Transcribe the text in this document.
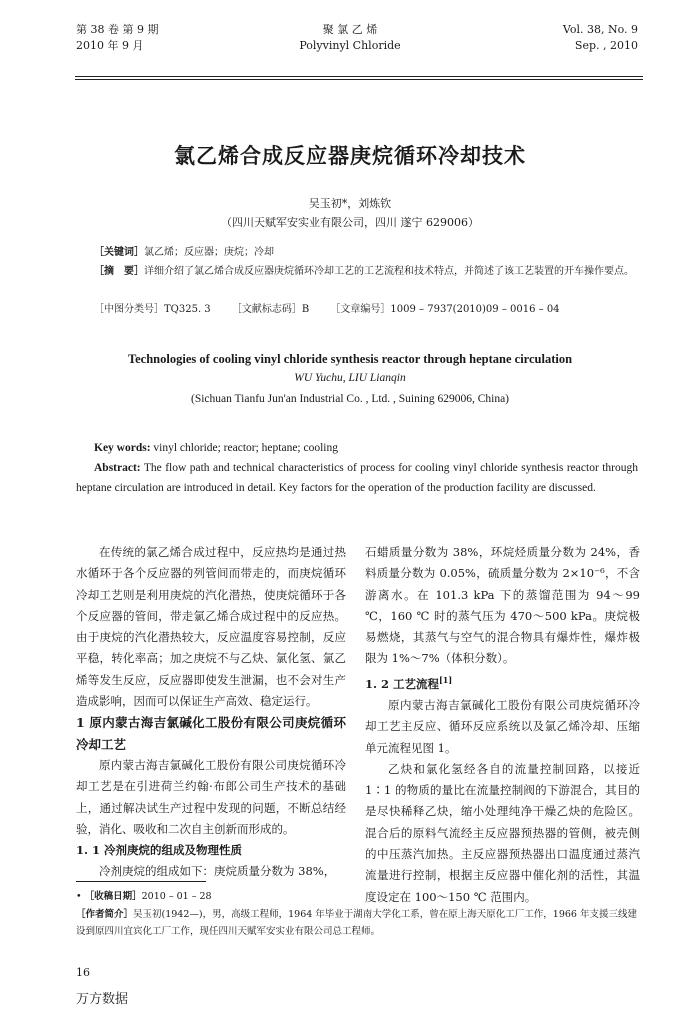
第 38 卷 第 9 期
2010 年 9 月
聚 氯 乙 烯
Polyvinyl Chloride
Vol. 38, No. 9
Sep. , 2010
氯乙烯合成反应器庚烷循环冷却技术
吴玉初*，刘炼钦
（四川天赋军安实业有限公司，四川 遂宁 629006）
［关键词］氯乙烯；反应器；庚烷；冷却
［摘　要］详细介绍了氯乙烯合成反应器庚烷循环冷却工艺的工艺流程和技术特点，并简述了该工艺装置的开车操作要点。
［中图分类号］TQ325. 3 ［文献标志码］B ［文章编号］1009 – 7937(2010)09 – 0016 – 04
Technologies of cooling vinyl chloride synthesis reactor through heptane circulation
WU Yuchu, LIU Lianqin
(Sichuan Tianfu Jun'an Industrial Co. , Ltd. , Suining 629006, China)
Key words: vinyl chloride; reactor; heptane; cooling
Abstract: The flow path and technical characteristics of process for cooling vinyl chloride synthesis reactor through heptane circulation are introduced in detail. Key factors for the operation of the production facility are discussed.

在传统的氯乙烯合成过程中，反应热均是通过热水循环于各个反应器的列管间而带走的，而庚烷循环冷却工艺则是利用庚烷的汽化潜热，使庚烷循环于各个反应器的管间，带走氯乙烯合成过程中的反应热。由于庚烷的汽化潜热较大，反应温度容易控制，反应平稳，转化率高；加之庚烷不与乙炔、氯化氢、氯乙烯等发生反应，反应器即使发生泄漏，也不会对生产造成影响，因而可以保证生产高效、稳定运行。

1 原内蒙古海吉氯碱化工股份有限公司庚烷循环冷却工艺

原内蒙古海吉氯碱化工股份有限公司庚烷循环冷却工艺是在引进荷兰约翰·布郎公司生产技术的基础上，通过解决试生产过程中发现的问题，不断总结经验，消化、吸收和二次自主创新而形成的。

1. 1 冷剂庚烷的组成及物理性质

冷剂庚烷的组成如下：庚烷质量分数为 38%，

石蜡质量分数为 38%，环烷烃质量分数为 24%，香料质量分数为 0.05%，硫质量分数为 2×10⁻⁶，不含游离水。在 101.3 kPa 下的蒸馏范围为 94～99 ℃，160 ℃ 时的蒸气压为 470～500 kPa。庚烷极易燃烧，其蒸气与空气的混合物具有爆炸性，爆炸极限为 1%～7%（体积分数）。

1. 2 工艺流程[1]

原内蒙古海吉氯碱化工股份有限公司庚烷循环冷却工艺主反应、循环反应系统以及氯乙烯冷却、压缩单元流程见图 1。

乙炔和氯化氢经各自的流量控制回路，以接近 1∶1 的物质的量比在流量控制阀的下游混合，其目的是尽快稀释乙炔，缩小处理纯净干燥乙炔的危险区。混合后的原料气流经主反应器预热器的管侧，被壳侧的中压蒸汽加热。主反应器预热器出口温度通过蒸汽流量进行控制，根据主反应器中催化剂的活性，其温度设定在 100～150 ℃ 范围内。

• ［收稿日期］2010 – 01 – 28
［作者简介］吴玉初(1942—)，男，高级工程师，1964 年毕业于湖南大学化工系，曾在原上海天原化工厂工作，1966 年支援三线建设到原四川宜宾化工厂工作，现任四川天赋军安实业有限公司总工程师。
16
万方数据
